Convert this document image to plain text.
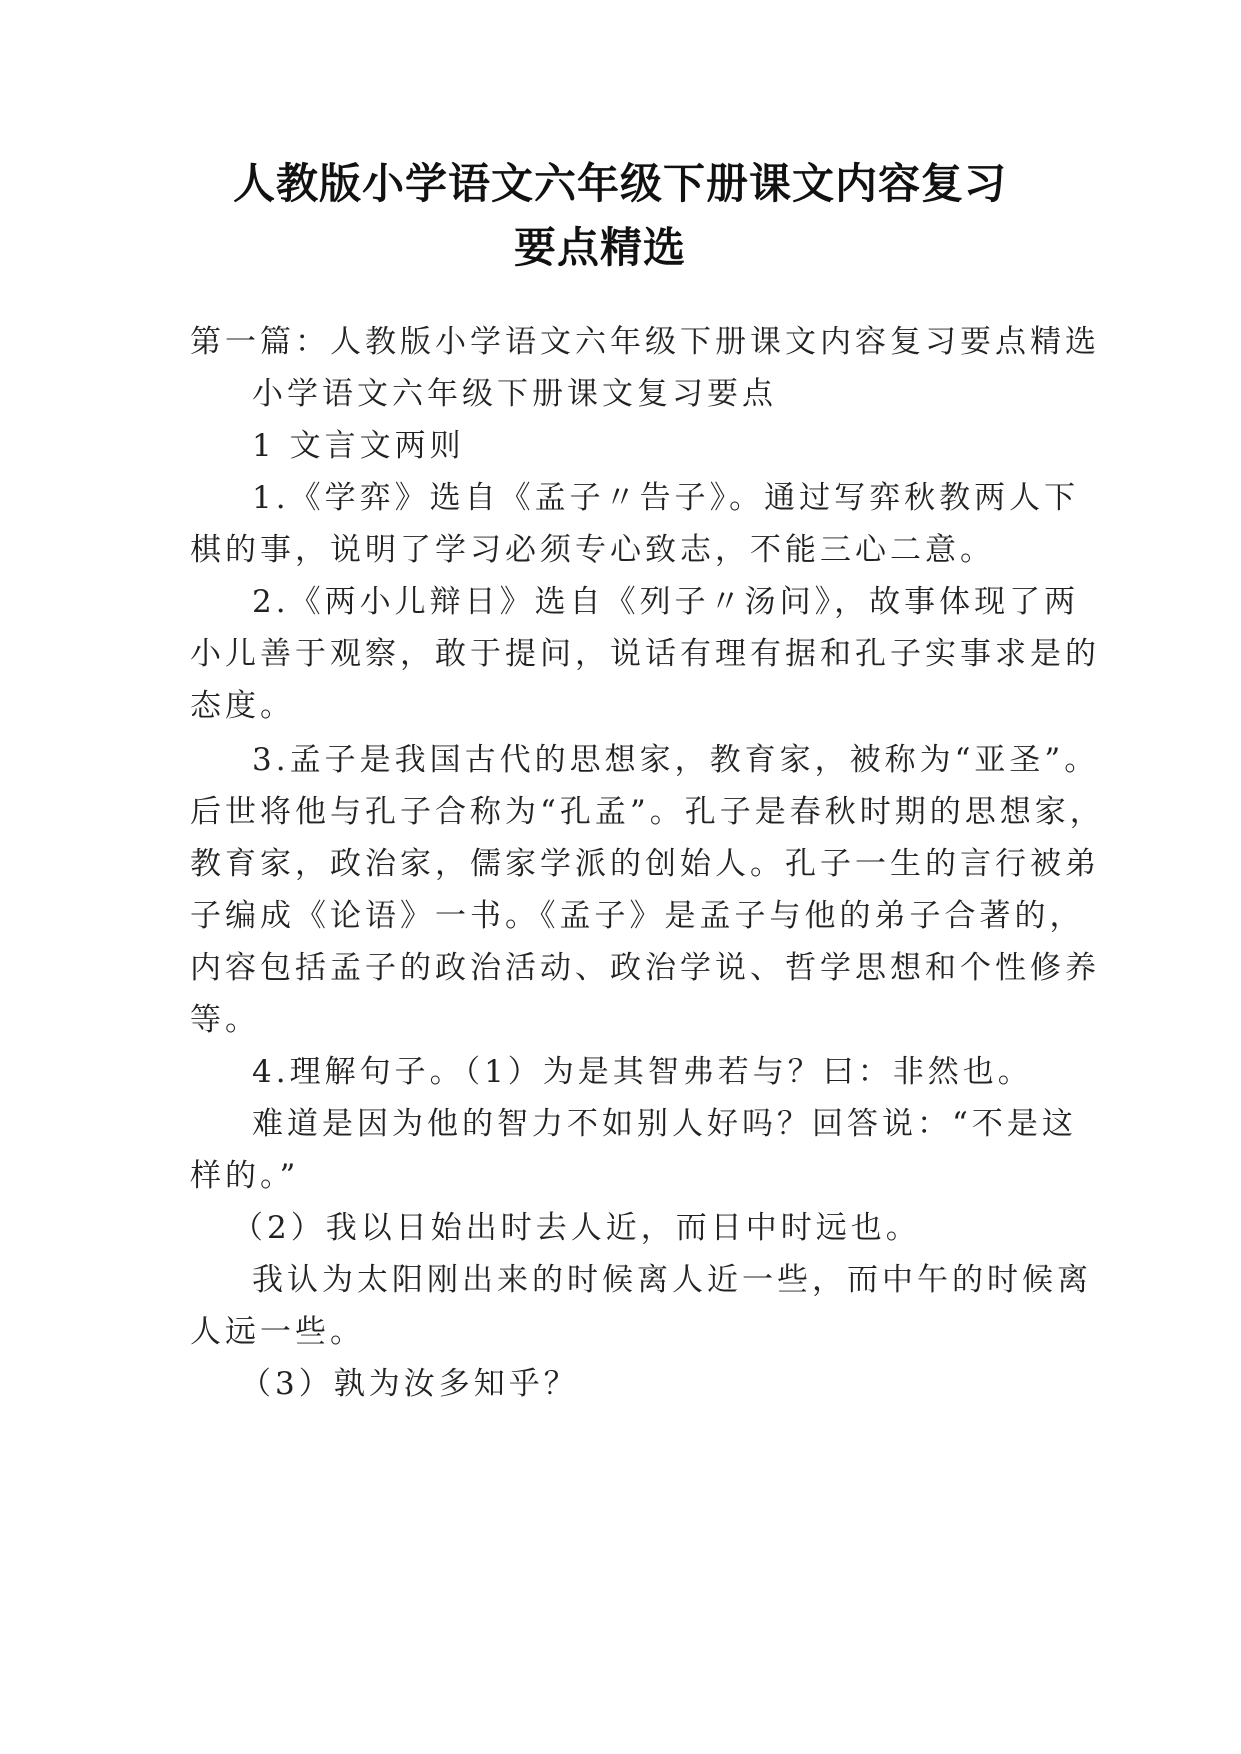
人教版小学语文六年级下册课文内容复习
要点精选
第一篇：人教版小学语文六年级下册课文内容复习要点精选
小学语文六年级下册课文复习要点
1 文言文两则
1.《学弈》选自《孟子〃告子》。通过写弈秋教两人下
棋的事，说明了学习必须专心致志，不能三心二意。
2.《两小儿辩日》选自《列子〃汤问》，故事体现了两
小儿善于观察，敢于提问，说话有理有据和孔子实事求是的
态度。
3.孟子是我国古代的思想家，教育家，被称为“亚圣”。
后世将他与孔子合称为“孔孟”。孔子是春秋时期的思想家，
教育家，政治家，儒家学派的创始人。孔子一生的言行被弟
子编成《论语》一书。《孟子》是孟子与他的弟子合著的，
内容包括孟子的政治活动、政治学说、哲学思想和个性修养
等。
4.理解句子。（1）为是其智弗若与？曰：非然也。
难道是因为他的智力不如别人好吗？回答说：“不是这
样的。”
（2）我以日始出时去人近，而日中时远也。
我认为太阳刚出来的时候离人近一些，而中午的时候离
人远一些。
（3）孰为汝多知乎？
